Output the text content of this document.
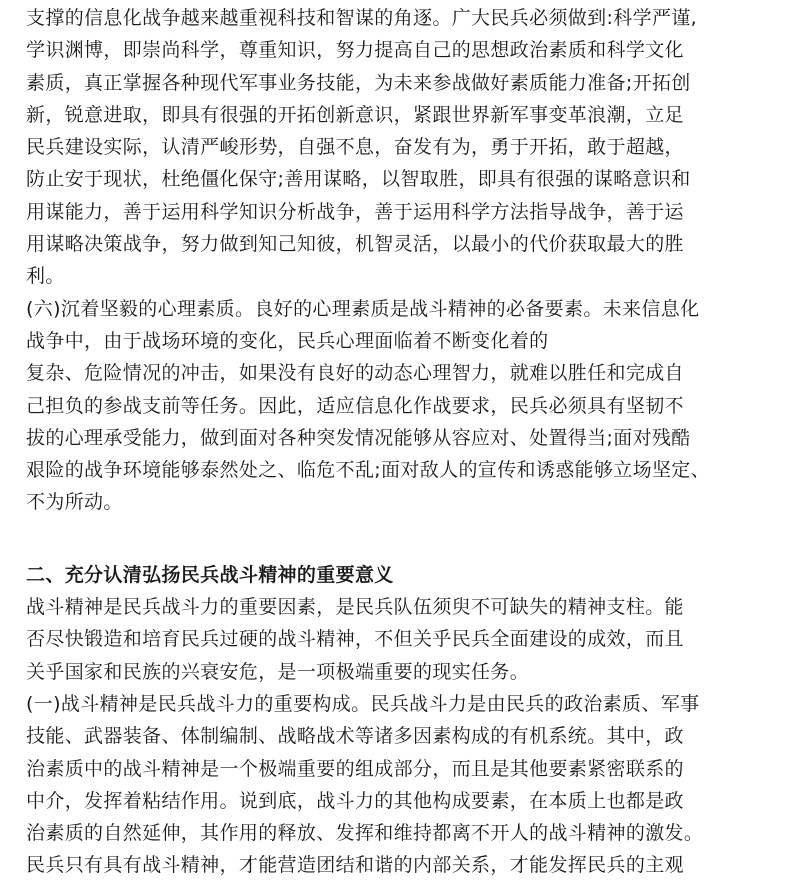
支撑的信息化战争越来越重视科技和智谋的角逐。广大民兵必须做到:科学严谨,
学识渊博，即崇尚科学，尊重知识，努力提高自己的思想政治素质和科学文化
素质，真正掌握各种现代军事业务技能，为未来参战做好素质能力准备;开拓创
新，锐意进取，即具有很强的开拓创新意识，紧跟世界新军事变革浪潮，立足
民兵建设实际，认清严峻形势，自强不息，奋发有为，勇于开拓，敢于超越，
防止安于现状，杜绝僵化保守;善用谋略，以智取胜，即具有很强的谋略意识和
用谋能力，善于运用科学知识分析战争，善于运用科学方法指导战争，善于运
用谋略决策战争，努力做到知己知彼，机智灵活，以最小的代价获取最大的胜
利。
(六)沉着坚毅的心理素质。良好的心理素质是战斗精神的必备要素。未来信息化
战争中，由于战场环境的变化，民兵心理面临着不断变化着的
复杂、危险情况的冲击，如果没有良好的动态心理智力，就难以胜任和完成自
己担负的参战支前等任务。因此，适应信息化作战要求，民兵必须具有坚韧不
拔的心理承受能力，做到面对各种突发情况能够从容应对、处置得当;面对残酷
艰险的战争环境能够泰然处之、临危不乱;面对敌人的宣传和诱惑能够立场坚定、
不为所动。
二、充分认清弘扬民兵战斗精神的重要意义
战斗精神是民兵战斗力的重要因素，是民兵队伍须臾不可缺失的精神支柱。能
否尽快锻造和培育民兵过硬的战斗精神，不但关乎民兵全面建设的成效，而且
关乎国家和民族的兴衰安危，是一项极端重要的现实任务。
(一)战斗精神是民兵战斗力的重要构成。民兵战斗力是由民兵的政治素质、军事
技能、武器装备、体制编制、战略战术等诸多因素构成的有机系统。其中，政
治素质中的战斗精神是一个极端重要的组成部分，而且是其他要素紧密联系的
中介，发挥着粘结作用。说到底，战斗力的其他构成要素，在本质上也都是政
治素质的自然延伸，其作用的释放、发挥和维持都离不开人的战斗精神的激发。
民兵只有具有战斗精神，才能营造团结和谐的内部关系，才能发挥民兵的主观
